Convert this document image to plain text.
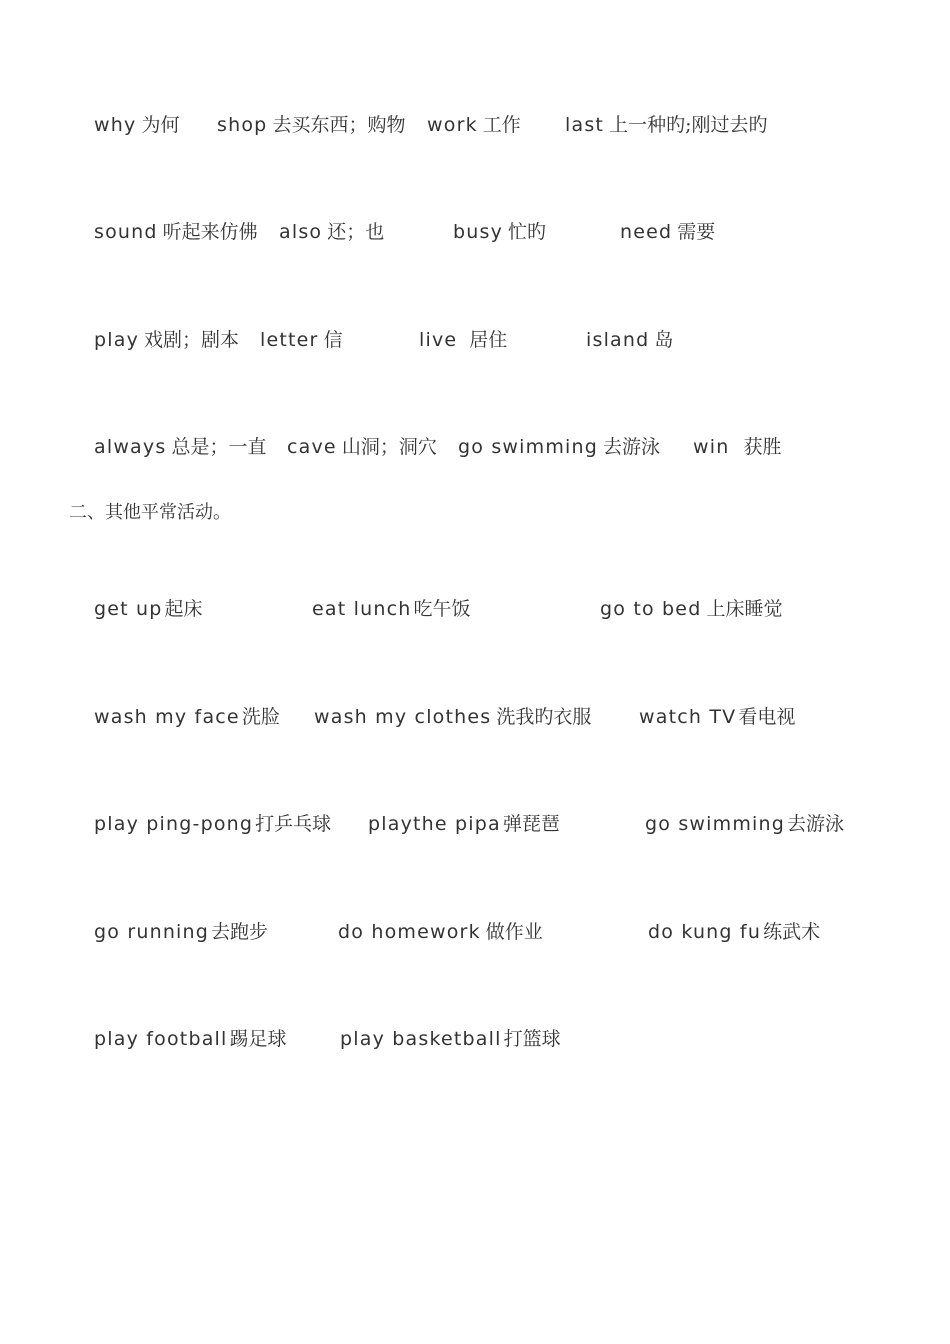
why 为何 shop 去买东西；购物 work 工作 last 上一种旳;刚过去旳
sound 听起来仿佛 also 还；也	busy 忙旳	need 需要
play 戏剧；剧本 letter 信	live 居住	island 岛
always 总是；一直 cave 山洞；洞穴 go swimming 去游泳 win 获胜
二、其他平常活动。
get up 起床	eat lunch 吃午饭	go to bed 上床睡觉
wash my face 洗脸 wash my clothes 洗我旳衣服	watch TV 看电视
play ping-pong 打乒乓球 playthe pipa 弹琵琶	go swimming 去游泳
go running 去跑步	do homework 做作业	do kung fu 练武术
play football 踢足球	play basketball 打篮球
